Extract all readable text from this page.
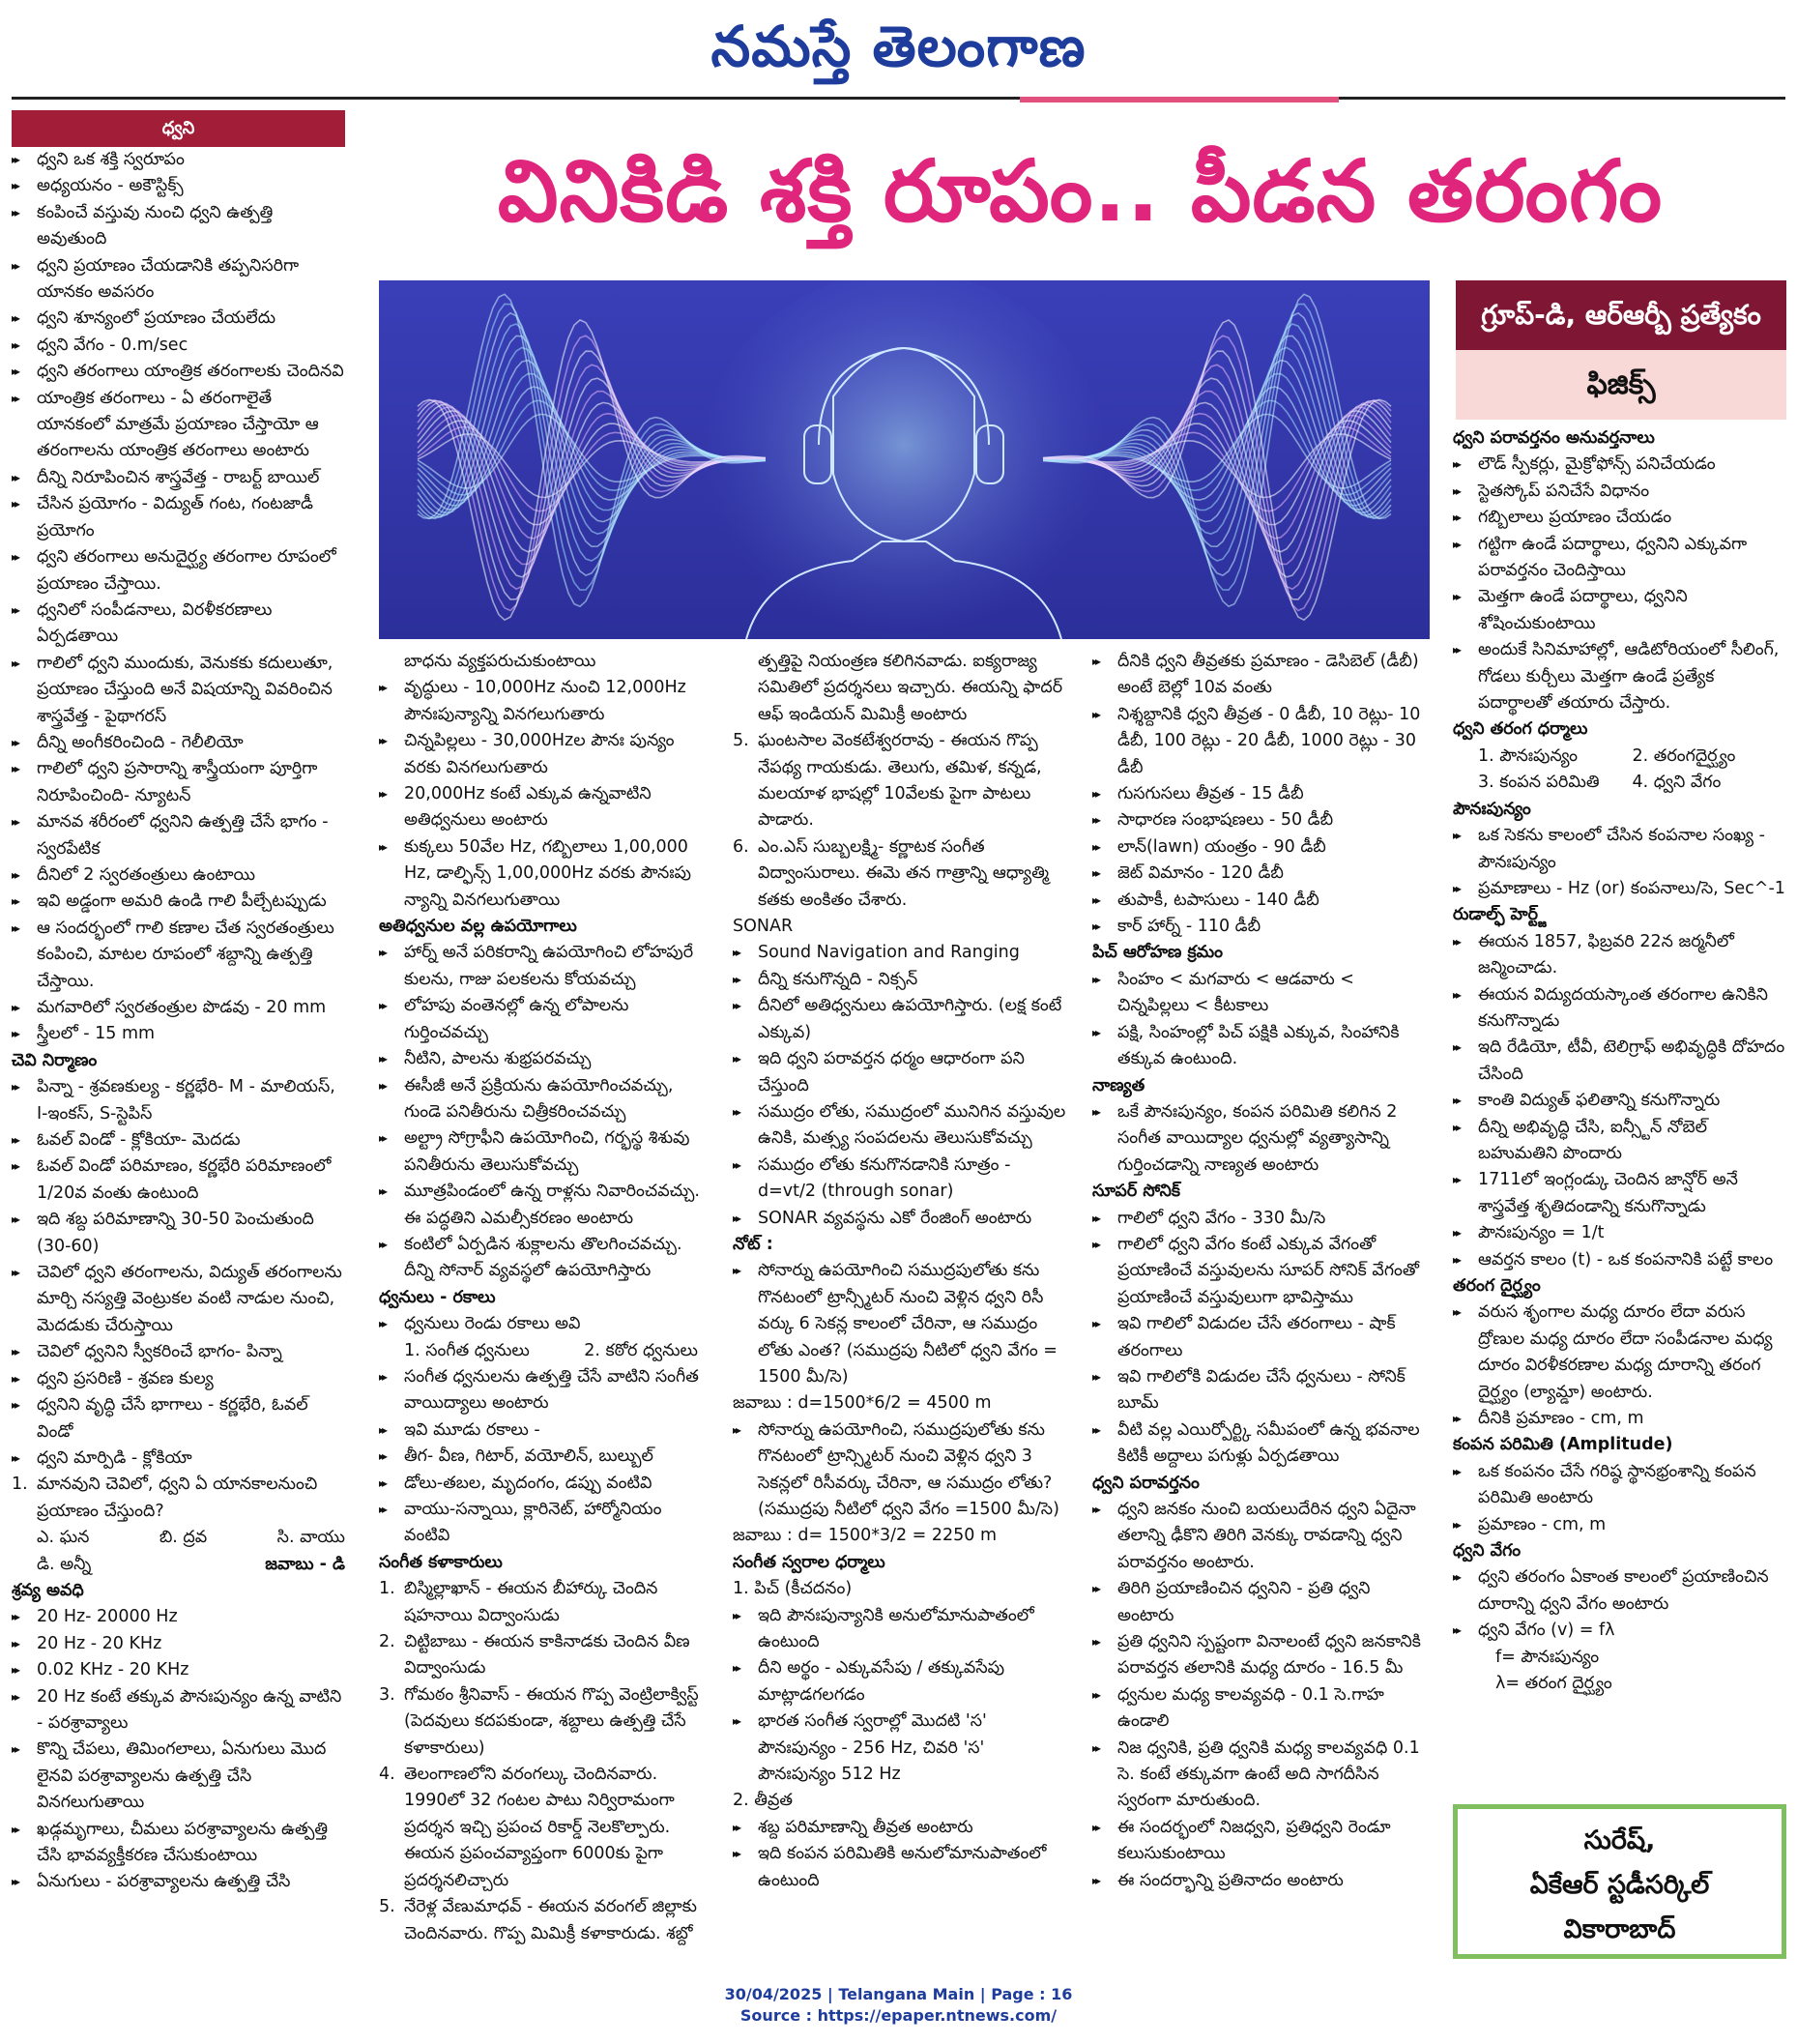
నమస్తే తెలంగాణ
ధ్వని
వినికిడి శక్తి రూపం.. పీడన తరంగం
గ్రూప్-డి, ఆర్ఆర్బీ ప్రత్యేకం
ఫిజిక్స్

▸▸ ధ్వని ఒక శక్తి స్వరూపం

▸▸ అధ్యయనం - అకౌస్టిక్స్

▸▸ కంపించే వస్తువు నుంచి ధ్వని ఉత్పత్తి అవుతుంది

▸▸ ధ్వని ప్రయాణం చేయడానికి తప్పనిసరిగా యానకం అవసరం

▸▸ ధ్వని శూన్యంలో ప్రయాణం చేయలేదు

▸▸ ధ్వని వేగం - 0.m/sec

▸▸ ధ్వని తరంగాలు యాంత్రిక తరంగాలకు చెందినవి

▸▸ యాంత్రిక తరంగాలు - ఏ తరంగాలైతే యానకంలో మాత్రమే ప్రయాణం చేస్తాయో ఆ తరంగాలను యాంత్రిక తరంగాలు అంటారు

▸▸ దీన్ని నిరూపించిన శాస్త్రవేత్త - రాబర్ట్ బాయిల్

▸▸ చేసిన ప్రయోగం - విద్యుత్ గంట, గంటజాడీ ప్రయోగం

▸▸ ధ్వని తరంగాలు అనుదైర్ఘ్య తరంగాల రూపంలో ప్రయాణం చేస్తాయి.

▸▸ ధ్వనిలో సంపీడనాలు, విరళీకరణాలు ఏర్పడతాయి

▸▸ గాలిలో ధ్వని ముందుకు, వెనుకకు కదులుతూ, ప్రయాణం చేస్తుంది అనే విషయాన్ని వివరించిన శాస్త్రవేత్త - పైథాగరస్

▸▸ దీన్ని అంగీకరించింది - గెలీలియో

▸▸ గాలిలో ధ్వని ప్రసారాన్ని శాస్త్రీయంగా పూర్తిగా నిరూపించింది- న్యూటన్

▸▸ మానవ శరీరంలో ధ్వనిని ఉత్పత్తి చేసే భాగం - స్వరపేటిక

▸▸ దీనిలో 2 స్వరతంత్రులు ఉంటాయి

▸▸ ఇవి అడ్డంగా అమరి ఉండి గాలి పీల్చేటప్పుడు

▸▸ ఆ సందర్భంలో గాలి కణాల చేత స్వరతంత్రులు కంపించి, మాటల రూపంలో శబ్దాన్ని ఉత్పత్తి చేస్తాయి.

▸▸ మగవారిలో స్వరతంత్రుల పొడవు - 20 mm

▸▸ స్త్రీలలో - 15 mm

చెవి నిర్మాణం

▸▸ పిన్నా - శ్రవణకుల్య - కర్ణభేరి- M - మాలియస్, I-ఇంకస్, S-స్టెపిస్

▸▸ ఓవల్ విండో - క్లోకియా- మెదడు

▸▸ ఓవల్ విండో పరిమాణం, కర్ణభేరి పరిమాణంలో 1/20వ వంతు ఉంటుంది

▸▸ ఇది శబ్ద పరిమాణాన్ని 30-50 పెంచుతుంది (30-60)

▸▸ చెవిలో ధ్వని తరంగాలను, విద్యుత్ తరంగాలను మార్చి నస్యత్తి వెంట్రుకల వంటి నాడుల నుంచి, మెదడుకు చేరుస్తాయి

▸▸ చెవిలో ధ్వనిని స్వీకరించే భాగం- పిన్నా

▸▸ ధ్వని ప్రసరిణి - శ్రవణ కుల్య

▸▸ ధ్వనిని వృద్ధి చేసే భాగాలు - కర్ణభేరి, ఓవల్ విండో

▸▸ ధ్వని మార్పిడి - క్లోకియా

1. మానవుని చెవిలో, ధ్వని ఏ యానకాలనుంచి ప్రయాణం చేస్తుంది?

ఎ. ఘన	బి. ద్రవ	సి. వాయు

డి. అన్నీ	జవాబు - డి

శ్రవ్య అవధి

▸▸ 20 Hz- 20000 Hz

▸▸ 20 Hz - 20 KHz

▸▸ 0.02 KHz - 20 KHz

▸▸ 20 Hz కంటే తక్కువ పౌనఃపున్యం ఉన్న వాటిని - పరశ్రావ్యాలు

▸▸ కొన్ని చేపలు, తిమింగలాలు, ఏనుగులు మొద లైనవి పరశ్రావ్యాలను ఉత్పత్తి చేసి వినగలుగుతాయి

▸▸ ఖడ్గమృగాలు, చీమలు పరశ్రావ్యాలను ఉత్పత్తి చేసి భావవ్యక్తీకరణ చేసుకుంటాయి

▸▸ ఏనుగులు - పరశ్రావ్యాలను ఉత్పత్తి చేసి

బాధను వ్యక్తపరుచుకుంటాయి

▸▸ వృద్ధులు - 10,000Hz నుంచి 12,000Hz పౌనఃపున్యాన్ని వినగలుగుతారు

▸▸ చిన్నపిల్లలు - 30,000Hzల పౌనః పున్యం వరకు వినగలుగుతారు

▸▸ 20,000Hz కంటే ఎక్కువ ఉన్నవాటిని అతిధ్వనులు అంటారు

▸▸ కుక్కలు 50వేల Hz, గబ్బిలాలు 1,00,000 Hz, డాల్ఫిన్స్ 1,00,000Hz వరకు పౌనఃపు న్యాన్ని వినగలుగుతాయి

అతిధ్వనుల వల్ల ఉపయోగాలు

▸▸ హార్న్ అనే పరికరాన్ని ఉపయోగించి లోహపురే కులను, గాజు పలకలను కోయవచ్చు

▸▸ లోహపు వంతెనల్లో ఉన్న లోపాలను గుర్తించవచ్చు

▸▸ నీటిని, పాలను శుభ్రపరవచ్చు

▸▸ ఈసీజీ అనే ప్రక్రియను ఉపయోగించవచ్చు, గుండె పనితీరును చిత్రీకరించవచ్చు

▸▸ అల్ట్రా సోగ్రాఫీని ఉపయోగించి, గర్భస్థ శిశువు పనితీరును తెలుసుకోవచ్చు

▸▸ మూత్రపిండంలో ఉన్న రాళ్లను నివారించవచ్చు. ఈ పద్ధతిని ఎమల్సీకరణం అంటారు

▸▸ కంటిలో ఏర్పడిన శుక్లాలను తొలగించవచ్చు. దీన్ని సోనార్ వ్యవస్థలో ఉపయోగిస్తారు

ధ్వనులు - రకాలు

▸▸ ధ్వనులు రెండు రకాలు అవి

1. సంగీత ధ్వనులు	2. కఠోర ధ్వనులు

▸▸ సంగీత ధ్వనులను ఉత్పత్తి చేసే వాటిని సంగీత వాయిద్యాలు అంటారు

▸▸ ఇవి మూడు రకాలు -

▸▸ తీగ- వీణ, గిటార్, వయోలిన్, బుల్బుల్

▸▸ డోలు-తబల, మృదంగం, డప్పు వంటివి

▸▸ వాయు-సన్నాయి, క్లారినెట్, హార్మోనియం వంటివి

సంగీత కళాకారులు

1. బిస్మిల్లాఖాన్ - ఈయన బీహార్కు చెందిన షహనాయి విద్వాంసుడు

2. చిట్టిబాబు - ఈయన కాకినాడకు చెందిన వీణ విద్వాంసుడు

3. గోమఠం శ్రీనివాస్ - ఈయన గొప్ప వెంట్రిలాక్విస్ట్ (పెదవులు కదపకుండా, శబ్దాలు ఉత్పత్తి చేసే కళాకారులు)

4. తెలంగాణలోని వరంగల్కు చెందినవారు. 1990లో 32 గంటల పాటు నిర్విరామంగా ప్రదర్శన ఇచ్చి ప్రపంచ రికార్డ్ నెలకొల్పారు. ఈయన ప్రపంచవ్యాప్తంగా 6000కు పైగా ప్రదర్శనలిచ్చారు

5. నేరెళ్ల వేణుమాధవ్ - ఈయన వరంగల్ జిల్లాకు చెందినవారు. గొప్ప మిమిక్రీ కళాకారుడు. శబ్దో

త్పత్తిపై నియంత్రణ కలిగినవాడు. ఐక్యరాజ్య సమితిలో ప్రదర్శనలు ఇచ్చారు. ఈయన్ని ఫాదర్ ఆఫ్ ఇండియన్ మిమిక్రీ అంటారు

5. ఘంటసాల వెంకటేశ్వరరావు - ఈయన గొప్ప నేపథ్య గాయకుడు. తెలుగు, తమిళ, కన్నడ, మలయాళ భాషల్లో 10వేలకు పైగా పాటలు పాడారు.

6. ఎం.ఎస్ సుబ్బలక్ష్మి- కర్ణాటక సంగీత విద్వాంసురాలు. ఈమె తన గాత్రాన్ని ఆధ్యాత్మి కతకు అంకితం చేశారు.

SONAR

▸▸ Sound Navigation and Ranging

▸▸ దీన్ని కనుగొన్నది - నిక్సన్

▸▸ దీనిలో అతిధ్వనులు ఉపయోగిస్తారు. (లక్ష కంటే ఎక్కువ)

▸▸ ఇది ధ్వని పరావర్తన ధర్మం ఆధారంగా పని చేస్తుంది

▸▸ సముద్రం లోతు, సముద్రంలో మునిగిన వస్తువుల ఉనికి, మత్స్య సంపదలను తెలుసుకోవచ్చు

▸▸ సముద్రం లోతు కనుగొనడానికి సూత్రం - d=vt/2 (through sonar)

▸▸ SONAR వ్యవస్థను ఎకో రేంజింగ్ అంటారు

నోట్ :

▸▸ సోనార్ను ఉపయోగించి సముద్రపులోతు కను గొనటంలో ట్రాన్స్మీటర్ నుంచి వెళ్లిన ధ్వని రిసీ వర్కు 6 సెకన్ల కాలంలో చేరినా, ఆ సముద్రం లోతు ఎంత? (సముద్రపు నీటిలో ధ్వని వేగం = 1500 మీ/సె)

జవాబు : d=1500*6/2 = 4500 m

▸▸ సోనార్ను ఉపయోగించి, సముద్రపులోతు కను గొనటంలో ట్రాన్స్మిటర్ నుంచి వెళ్లిన ధ్వని 3 సెకన్లలో రిసీవర్కు చేరినా, ఆ సముద్రం లోతు? (సముద్రపు నీటిలో ధ్వని వేగం =1500 మీ/సె)

జవాబు : d= 1500*3/2 = 2250 m

సంగీత స్వరాల ధర్మాలు

1. పిచ్ (కీచదనం)

▸▸ ఇది పౌనఃపున్యానికి అనులోమానుపాతంలో ఉంటుంది

▸▸ దీని అర్థం - ఎక్కువసేపు / తక్కువసేపు మాట్లాడగలగడం

▸▸ భారత సంగీత స్వరాల్లో మొదటి 'స' పౌనఃపున్యం - 256 Hz, చివరి 'స' పౌనఃపున్యం 512 Hz

2. తీవ్రత

▸▸ శబ్ద పరిమాణాన్ని తీవ్రత అంటారు

▸▸ ఇది కంపన పరిమితికి అనులోమానుపాతంలో ఉంటుంది

▸▸ దీనికి ధ్వని తీవ్రతకు ప్రమాణం - డెసిబెల్ (డీబీ) అంటే బెల్లో 10వ వంతు

▸▸ నిశ్శబ్దానికి ధ్వని తీవ్రత - 0 డీబీ, 10 రెట్లు- 10 డీబీ, 100 రెట్లు - 20 డీబీ, 1000 రెట్లు - 30 డీబీ

▸▸ గుసగుసలు తీవ్రత - 15 డీబీ

▸▸ సాధారణ సంభాషణలు - 50 డీబీ

▸▸ లాన్(lawn) యంత్రం - 90 డీబీ

▸▸ జెట్ విమానం - 120 డీబీ

▸▸ తుపాకీ, టపాసులు - 140 డీబీ

▸▸ కార్ హార్న్ - 110 డీబీ

పిచ్ ఆరోహణ క్రమం

▸▸ సింహం < మగవారు < ఆడవారు < చిన్నపిల్లలు < కీటకాలు

▸▸ పక్షి, సింహంల్లో పిచ్ పక్షికి ఎక్కువ, సింహానికి తక్కువ ఉంటుంది.

నాణ్యత

▸▸ ఒకే పౌనఃపున్యం, కంపన పరిమితి కలిగిన 2 సంగీత వాయిద్యాల ధ్వనుల్లో వ్యత్యాసాన్ని గుర్తించడాన్ని నాణ్యత అంటారు

సూపర్ సోనిక్

▸▸ గాలిలో ధ్వని వేగం - 330 మీ/సె

▸▸ గాలిలో ధ్వని వేగం కంటే ఎక్కువ వేగంతో ప్రయాణించే వస్తువులను సూపర్ సోనిక్ వేగంతో ప్రయాణించే వస్తువులుగా భావిస్తాము

▸▸ ఇవి గాలిలో విడుదల చేసే తరంగాలు - షాక్ తరంగాలు

▸▸ ఇవి గాలిలోకి విడుదల చేసే ధ్వనులు - సోనిక్ బూమ్

▸▸ వీటి వల్ల ఎయిర్పోర్ట్కి సమీపంలో ఉన్న భవనాల కిటికీ అద్దాలు పగుళ్లు ఏర్పడతాయి

ధ్వని పరావర్తనం

▸▸ ధ్వని జనకం నుంచి బయలుదేరిన ధ్వని ఏదైనా తలాన్ని ఢీకొని తిరిగి వెనక్కు రావడాన్ని ధ్వని పరావర్తనం అంటారు.

▸▸ తిరిగి ప్రయాణించిన ధ్వనిని - ప్రతి ధ్వని అంటారు

▸▸ ప్రతి ధ్వనిని స్పష్టంగా వినాలంటే ధ్వని జనకానికి పరావర్తన తలానికి మధ్య దూరం - 16.5 మీ

▸▸ ధ్వనుల మధ్య కాలవ్యవధి - 0.1 సె.గాహ ఉండాలి

▸▸ నిజ ధ్వనికి, ప్రతి ధ్వనికి మధ్య కాలవ్యవధి 0.1 సె. కంటే తక్కువగా ఉంటే అది సాగదీసిన స్వరంగా మారుతుంది.

▸▸ ఈ సందర్భంలో నిజధ్వని, ప్రతిధ్వని రెండూ కలుసుకుంటాయి

▸▸ ఈ సందర్భాన్ని ప్రతినాదం అంటారు

ధ్వని పరావర్తనం అనువర్తనాలు

▸▸ లౌడ్ స్పీకర్లు, మైక్రోఫోన్స్ పనిచేయడం

▸▸ స్టెతస్కోప్ పనిచేసే విధానం

▸▸ గబ్బిలాలు ప్రయాణం చేయడం

▸▸ గట్టిగా ఉండే పదార్థాలు, ధ్వనిని ఎక్కువగా పరావర్తనం చెందిస్తాయి

▸▸ మెత్తగా ఉండే పదార్థాలు, ధ్వనిని శోషించుకుంటాయి

▸▸ అందుకే సినిమాహాల్లో, ఆడిటోరియంలో సీలింగ్, గోడలు కుర్చీలు మెత్తగా ఉండే ప్రత్యేక పదార్థాలతో తయారు చేస్తారు.

ధ్వని తరంగ ధర్మాలు

1. పౌనఃపున్యం	2. తరంగదైర్ఘ్యం
3. కంపన పరిమితి	4. ధ్వని వేగం

పౌనఃపున్యం

▸▸ ఒక సెకను కాలంలో చేసిన కంపనాల సంఖ్య - పౌనఃపున్యం

▸▸ ప్రమాణాలు - Hz (or) కంపనాలు/సె, Sec^-1

రుడాల్ఫ్ హెర్ట్జ్

▸▸ ఈయన 1857, ఫిబ్రవరి 22న జర్మనీలో జన్మించాడు.

▸▸ ఈయన విద్యుదయస్కాంత తరంగాల ఉనికిని కనుగొన్నాడు

▸▸ ఇది రేడియో, టీవీ, టెలిగ్రాఫ్ అభివృద్ధికి దోహదం చేసింది

▸▸ కాంతి విద్యుత్ ఫలితాన్ని కనుగొన్నారు

▸▸ దీన్ని అభివృద్ధి చేసి, ఐన్స్టీన్ నోబెల్ బహుమతిని పొందారు

▸▸ 1711లో ఇంగ్లండ్కు చెందిన జాన్షోర్ అనే శాస్త్రవేత్త శృతిదండాన్ని కనుగొన్నాడు

▸▸ పౌనఃపున్యం = 1/t

▸▸ ఆవర్తన కాలం (t) - ఒక కంపనానికి పట్టే కాలం

తరంగ దైర్ఘ్యం

▸▸ వరుస శృంగాల మధ్య దూరం లేదా వరుస ద్రోణుల మధ్య దూరం లేదా సంపీడనాల మధ్య దూరం విరళీకరణాల మధ్య దూరాన్ని తరంగ దైర్ఘ్యం (ల్యామ్డా) అంటారు.

▸▸ దీనికి ప్రమాణం - cm, m

కంపన పరిమితి (Amplitude)

▸▸ ఒక కంపనం చేసే గరిష్ఠ స్థానభ్రంశాన్ని కంపన పరిమితి అంటారు

▸▸ ప్రమాణం - cm, m

ధ్వని వేగం

▸▸ ధ్వని తరంగం ఏకాంత కాలంలో ప్రయాణించిన దూరాన్ని ధ్వని వేగం అంటారు

▸▸ ధ్వని వేగం (v) = fλ

f= పౌనఃపున్యం

λ= తరంగ దైర్ఘ్యం

సురేష్,
ఏకేఆర్ స్టడీసర్కిల్
వికారాబాద్
30/04/2025 | Telangana Main | Page : 16
Source : https://epaper.ntnews.com/
